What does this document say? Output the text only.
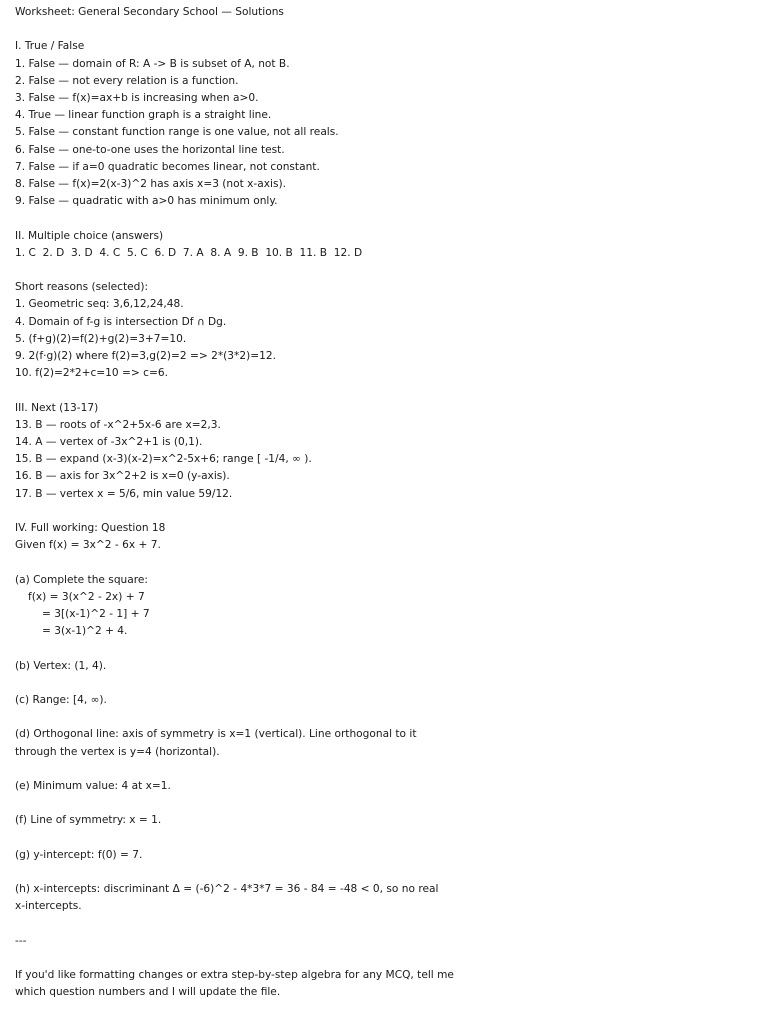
Worksheet: General Secondary School — Solutions
I. True / False
1. False — domain of R: A -> B is subset of A, not B.
2. False — not every relation is a function.
3. False — f(x)=ax+b is increasing when a>0.
4. True — linear function graph is a straight line.
5. False — constant function range is one value, not all reals.
6. False — one-to-one uses the horizontal line test.
7. False — if a=0 quadratic becomes linear, not constant.
8. False — f(x)=2(x-3)^2 has axis x=3 (not x-axis).
9. False — quadratic with a>0 has minimum only.
II. Multiple choice (answers)
1. C  2. D  3. D  4. C  5. C  6. D  7. A  8. A  9. B  10. B  11. B  12. D
Short reasons (selected):
1. Geometric seq: 3,6,12,24,48.
4. Domain of f-g is intersection Df ∩ Dg.
5. (f+g)(2)=f(2)+g(2)=3+7=10.
9. 2(f·g)(2) where f(2)=3,g(2)=2 => 2*(3*2)=12.
10. f(2)=2*2+c=10 => c=6.
III. Next (13-17)
13. B — roots of -x^2+5x-6 are x=2,3.
14. A — vertex of -3x^2+1 is (0,1).
15. B — expand (x-3)(x-2)=x^2-5x+6; range [ -1/4, ∞ ).
16. B — axis for 3x^2+2 is x=0 (y-axis).
17. B — vertex x = 5/6, min value 59/12.
IV. Full working: Question 18
Given f(x) = 3x^2 - 6x + 7.
(a) Complete the square:
f(x) = 3(x^2 - 2x) + 7
= 3[(x-1)^2 - 1] + 7
= 3(x-1)^2 + 4.
(b) Vertex: (1, 4).
(c) Range: [4, ∞).
(d) Orthogonal line: axis of symmetry is x=1 (vertical). Line orthogonal to it
through the vertex is y=4 (horizontal).
(e) Minimum value: 4 at x=1.
(f) Line of symmetry: x = 1.
(g) y-intercept: f(0) = 7.
(h) x-intercepts: discriminant Δ = (-6)^2 - 4*3*7 = 36 - 84 = -48 < 0, so no real
x-intercepts.
---
If you'd like formatting changes or extra step-by-step algebra for any MCQ, tell me
which question numbers and I will update the file.
